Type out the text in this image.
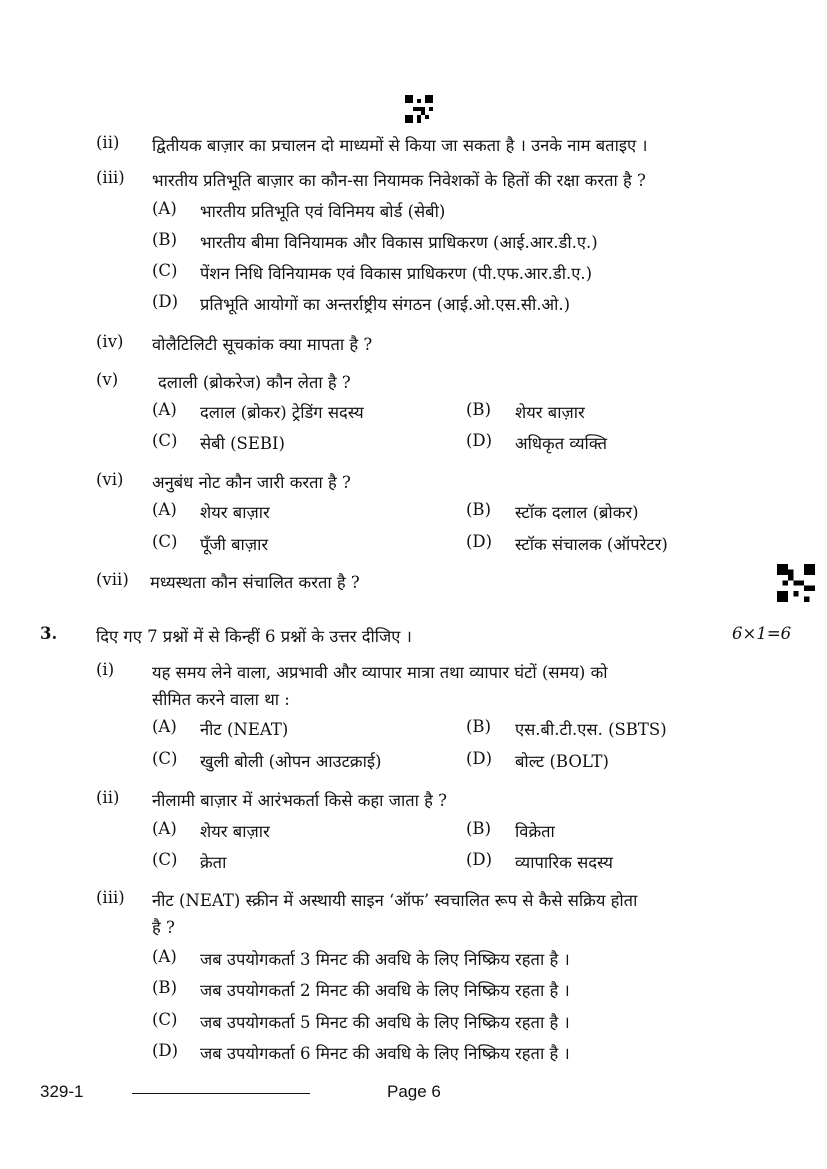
(ii) द्वितीयक बाज़ार का प्रचालन दो माध्यमों से किया जा सकता है । उनके नाम बताइए ।
(iii) भारतीय प्रतिभूति बाज़ार का कौन-सा नियामक निवेशकों के हितों की रक्षा करता है ?
(A) भारतीय प्रतिभूति एवं विनिमय बोर्ड (सेबी)
(B) भारतीय बीमा विनियामक और विकास प्राधिकरण (आई.आर.डी.ए.)
(C) पेंशन निधि विनियामक एवं विकास प्राधिकरण (पी.एफ.आर.डी.ए.)
(D) प्रतिभूति आयोगों का अन्तर्राष्ट्रीय संगठन (आई.ओ.एस.सी.ओ.)
(iv) वोलैटिलिटी सूचकांक क्या मापता है ?
(v) दलाली (ब्रोकरेज) कौन लेता है ?
(A) दलाल (ब्रोकर) ट्रेडिंग सदस्य	(B) शेयर बाज़ार
(C) सेबी (SEBI)	(D) अधिकृत व्यक्ति
(vi) अनुबंध नोट कौन जारी करता है ?
(A) शेयर बाज़ार	(B) स्टॉक दलाल (ब्रोकर)
(C) पूँजी बाज़ार	(D) स्टॉक संचालक (ऑपरेटर)
(vii) मध्यस्थता कौन संचालित करता है ?
3. दिए गए 7 प्रश्नों में से किन्हीं 6 प्रश्नों के उत्तर दीजिए ।	6×1=6
(i) यह समय लेने वाला, अप्रभावी और व्यापार मात्रा तथा व्यापार घंटों (समय) को
सीमित करने वाला था :
(A) नीट (NEAT)	(B) एस.बी.टी.एस. (SBTS)
(C) खुली बोली (ओपन आउटक्राई)	(D) बोल्ट (BOLT)
(ii) नीलामी बाज़ार में आरंभकर्ता किसे कहा जाता है ?
(A) शेयर बाज़ार	(B) विक्रेता
(C) क्रेता	(D) व्यापारिक सदस्य
(iii) नीट (NEAT) स्क्रीन में अस्थायी साइन ‘ऑफ’ स्वचालित रूप से कैसे सक्रिय होता
है ?
(A) जब उपयोगकर्ता 3 मिनट की अवधि के लिए निष्क्रिय रहता है ।
(B) जब उपयोगकर्ता 2 मिनट की अवधि के लिए निष्क्रिय रहता है ।
(C) जब उपयोगकर्ता 5 मिनट की अवधि के लिए निष्क्रिय रहता है ।
(D) जब उपयोगकर्ता 6 मिनट की अवधि के लिए निष्क्रिय रहता है ।
329-1	Page 6
